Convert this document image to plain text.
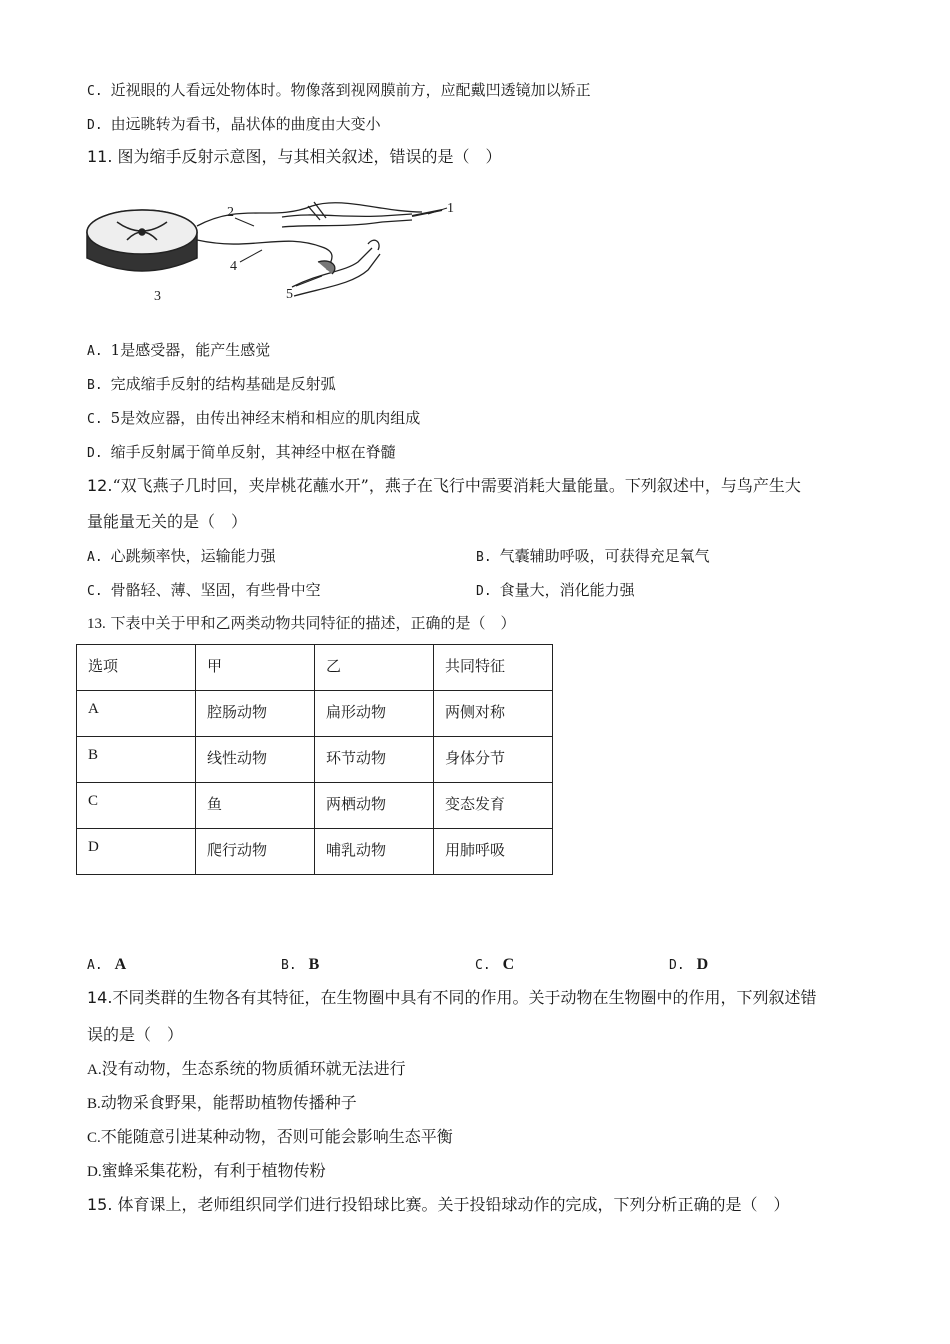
C. 近视眼的人看远处物体时。物像落到视网膜前方，应配戴凹透镜加以矫正
D. 由远眺转为看书，晶状体的曲度由大变小
11. 图为缩手反射示意图，与其相关叙述，错误的是（　）
1
2
3
4
5
A. 1是感受器，能产生感觉
B. 完成缩手反射的结构基础是反射弧
C. 5是效应器，由传出神经末梢和相应的肌肉组成
D. 缩手反射属于简单反射，其神经中枢在脊髓
12.“双飞燕子几时回，夹岸桃花蘸水开”，燕子在飞行中需要消耗大量能量。下列叙述中，与鸟产生大
量能量无关的是（　）
A. 心跳频率快，运输能力强	B. 气囊辅助呼吸，可获得充足氧气
C. 骨骼轻、薄、坚固，有些骨中空	D. 食量大，消化能力强
13. 下表中关于甲和乙两类动物共同特征的描述，正确的是（　）
选项	甲	乙	共同特征
A	腔肠动物	扁形动物	两侧对称
B	线性动物	环节动物	身体分节
C	鱼	两栖动物	变态发育
D	爬行动物	哺乳动物	用肺呼吸
A. A	B. B	C. C	D. D
14.不同类群的生物各有其特征，在生物圈中具有不同的作用。关于动物在生物圈中的作用，下列叙述错
误的是（　）
A.没有动物，生态系统的物质循环就无法进行
B.动物采食野果，能帮助植物传播种子
C.不能随意引进某种动物，否则可能会影响生态平衡
D.蜜蜂采集花粉，有利于植物传粉
15. 体育课上，老师组织同学们进行投铅球比赛。关于投铅球动作的完成，下列分析正确的是（　）
